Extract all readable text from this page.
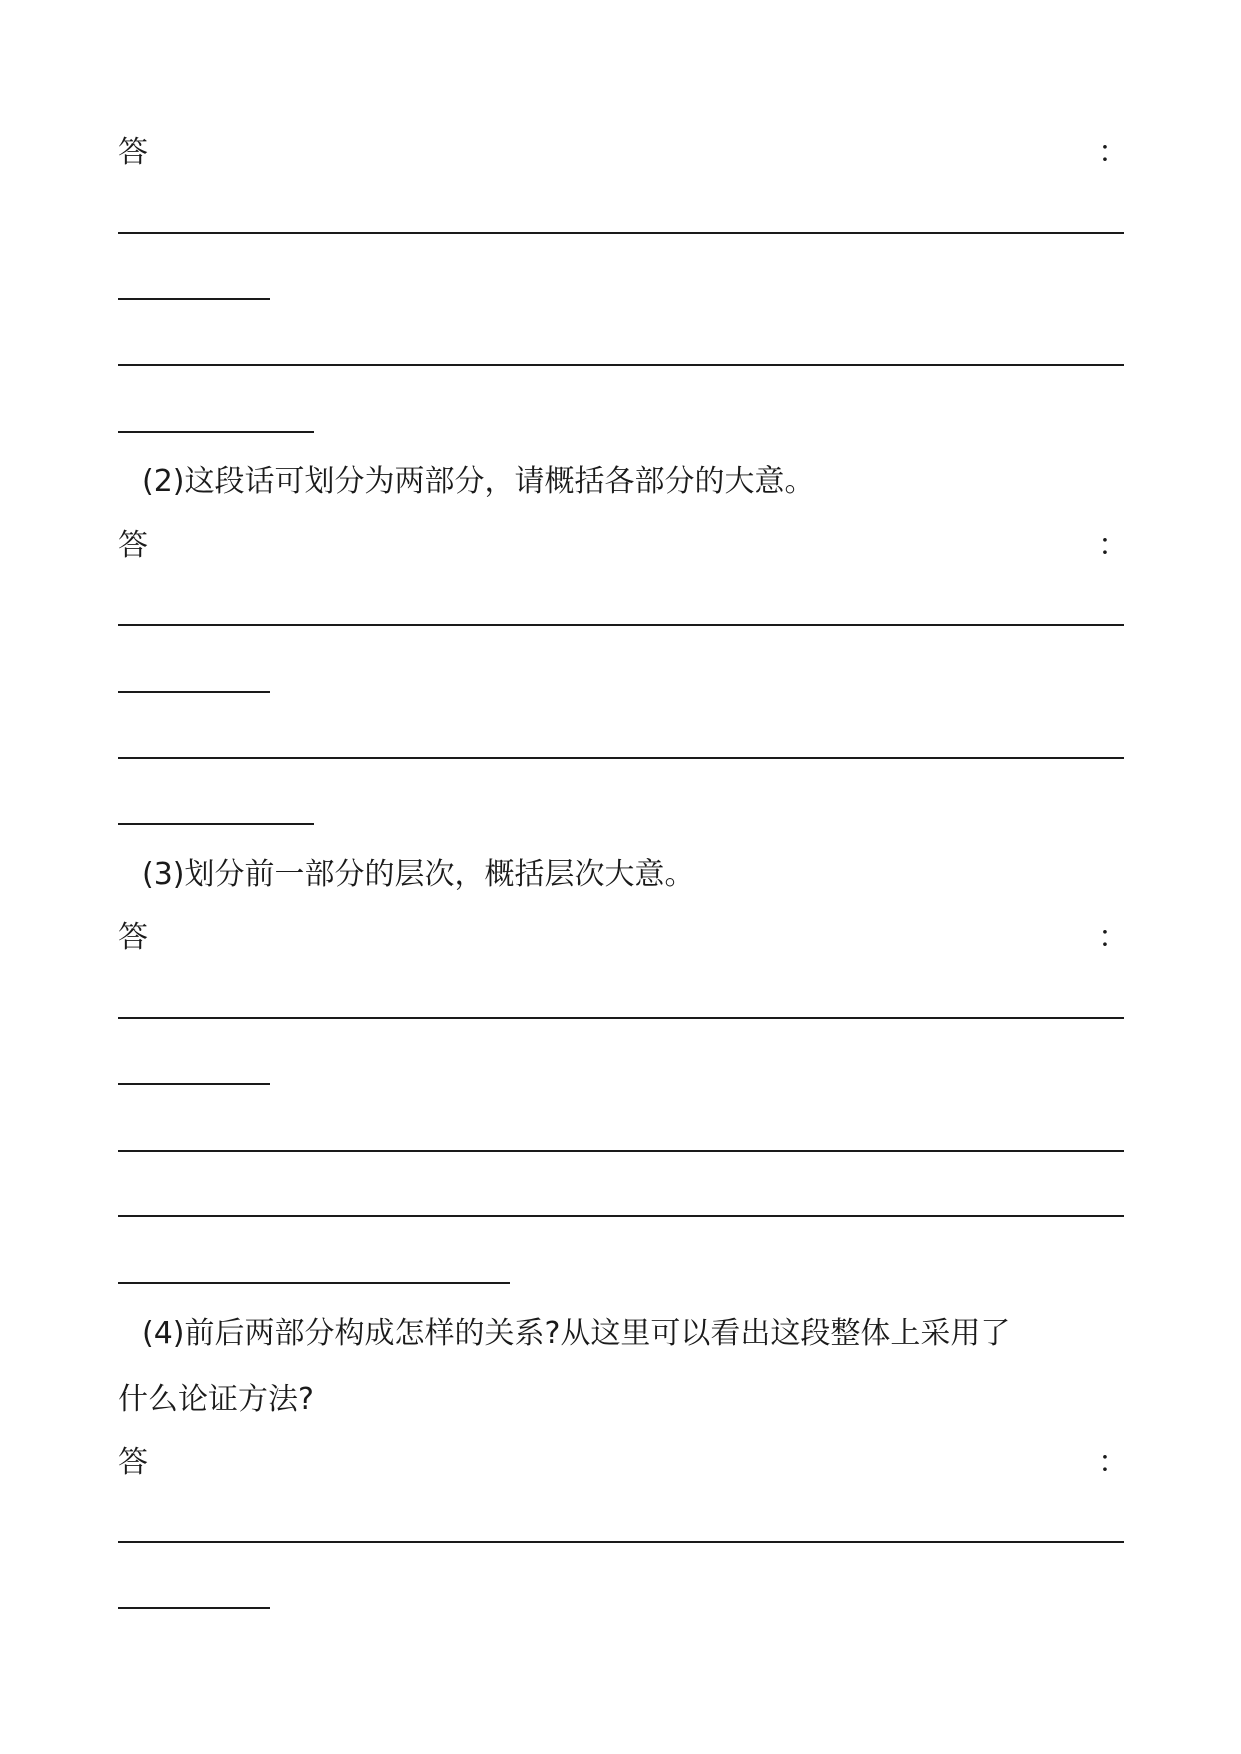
答	：
(2)这段话可划分为两部分，请概括各部分的大意。
答	：
(3)划分前一部分的层次，概括层次大意。
答	：
(4)前后两部分构成怎样的关系?从这里可以看出这段整体上采用了
什么论证方法?
答	：
